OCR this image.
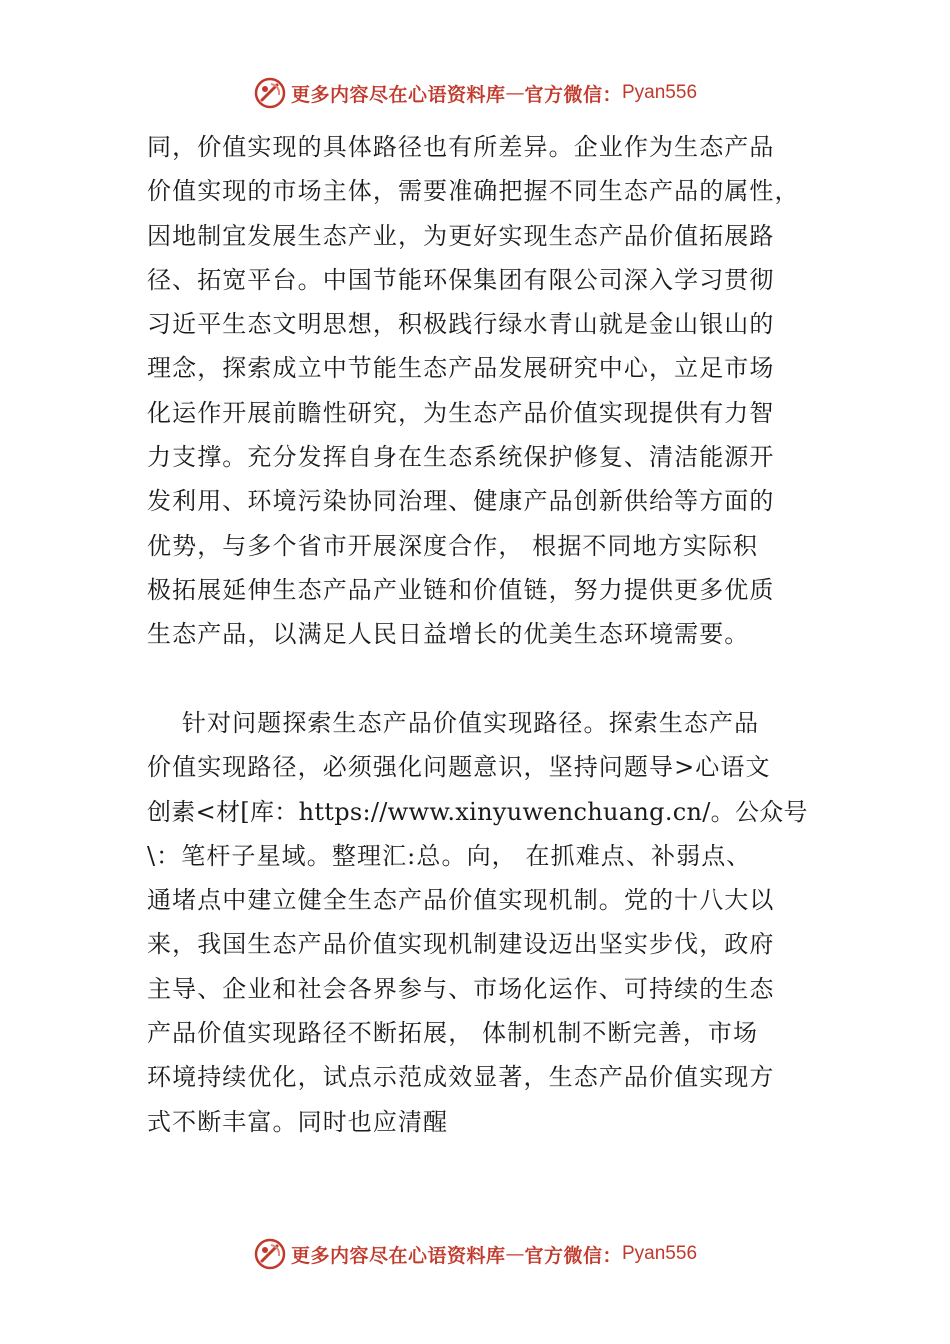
更多内容尽在心语资料库 — 官方微信： Pyan556
同，价值实现的具体路径也有所差异。企业作为生态产品
价值实现的市场主体，需要准确把握不同生态产品的属性，
因地制宜发展生态产业，为更好实现生态产品价值拓展路
径、拓宽平台。中国节能环保集团有限公司深入学习贯彻
习近平生态文明思想，积极践行绿水青山就是金山银山的
理念，探索成立中节能生态产品发展研究中心，立足市场
化运作开展前瞻性研究，为生态产品价值实现提供有力智
力支撑。充分发挥自身在生态系统保护修复、清洁能源开
发利用、环境污染协同治理、健康产品创新供给等方面的
优势，与多个省市开展深度合作， 根据不同地方实际积
极拓展延伸生态产品产业链和价值链，努力提供更多优质
生态产品，以满足人民日益增长的优美生态环境需要。
针对问题探索生态产品价值实现路径。探索生态产品
价值实现路径，必须强化问题意识，坚持问题导>心语文
创素<材[库：https://www.xinyuwenchuang.cn/。公众号
\：笔杆子星域。整理汇:总。向， 在抓难点、补弱点、
通堵点中建立健全生态产品价值实现机制。党的十八大以
来，我国生态产品价值实现机制建设迈出坚实步伐，政府
主导、企业和社会各界参与、市场化运作、可持续的生态
产品价值实现路径不断拓展， 体制机制不断完善，市场
环境持续优化，试点示范成效显著，生态产品价值实现方
式不断丰富。同时也应清醒
更多内容尽在心语资料库 — 官方微信： Pyan556
